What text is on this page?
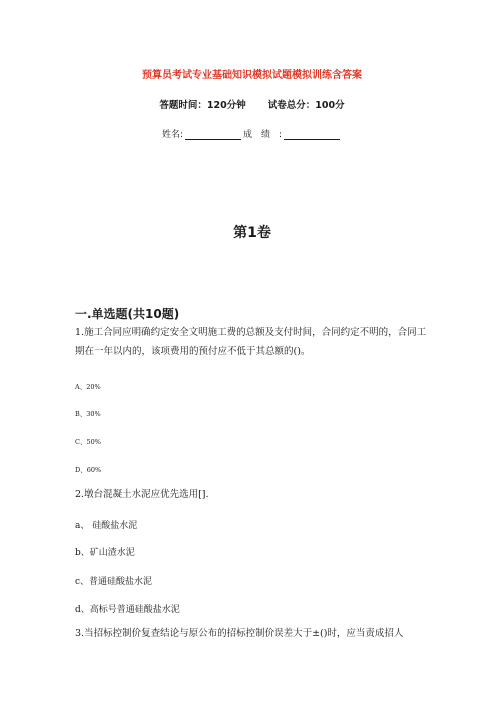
预算员考试专业基础知识模拟试题模拟训练含答案
答题时间：120分钟 试卷总分：100分
姓名:	成　绩　:
第1卷
一.单选题(共10题)
1.施工合同应明确约定安全文明施工费的总额及支付时间，合同约定不明的，合同工期在一年以内的，该项费用的预付应不低于其总额的()。
A、20%
B、30%
C、50%
D、60%
2.墩台混凝土水泥应优先选用[].
a、 硅酸盐水泥
b、矿山渣水泥
c、普通硅酸盐水泥
d、高标号普通硅酸盐水泥
3.当招标控制价复查结论与原公布的招标控制价误差大于±()时，应当责成招人
